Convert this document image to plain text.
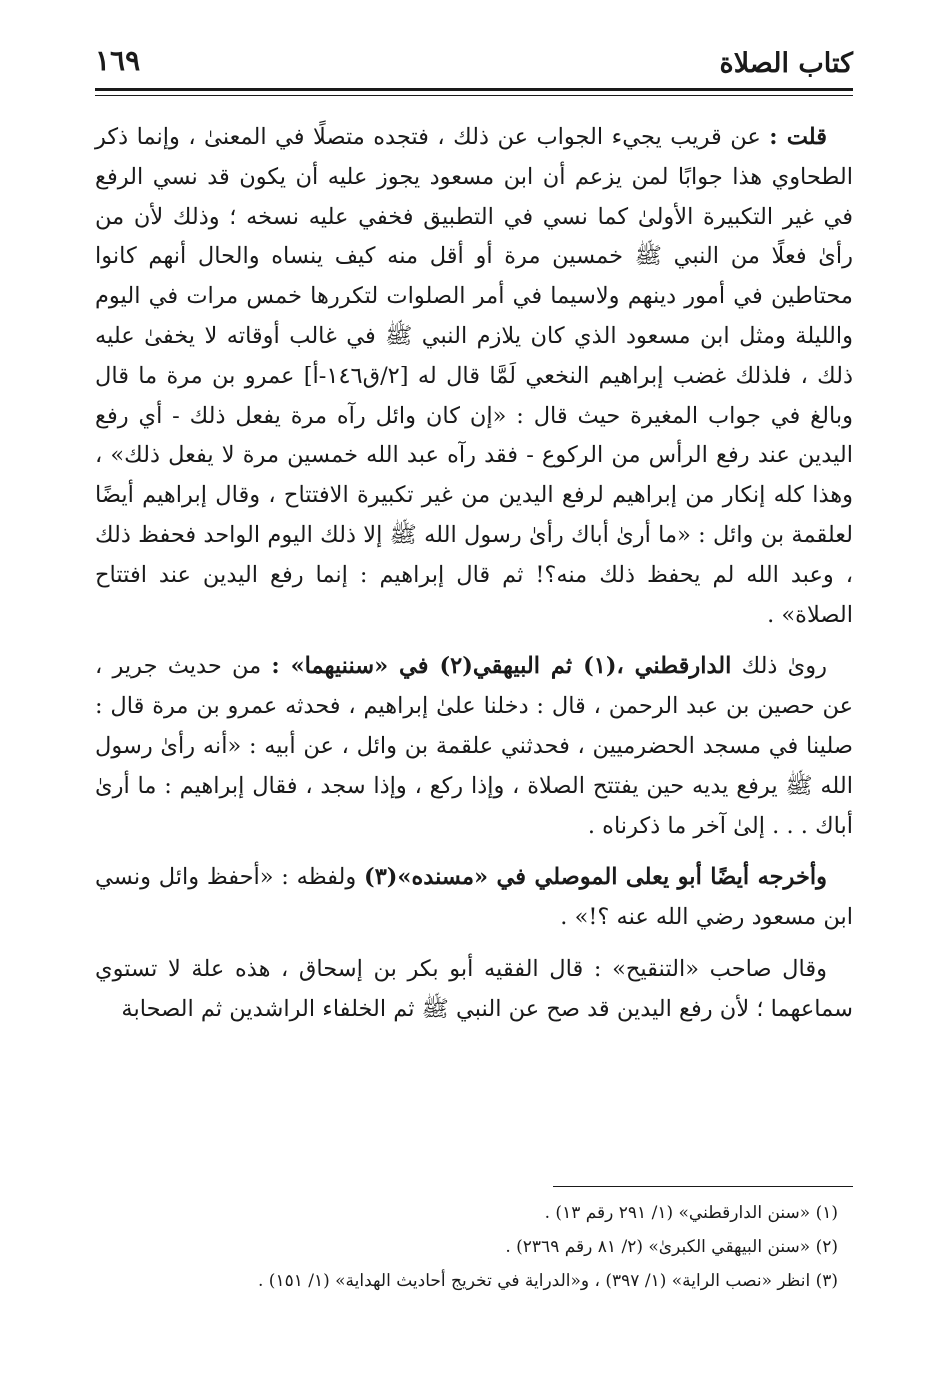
كتاب الصلاة
١٦٩

قلت : عن قريب يجيء الجواب عن ذلك ، فتجده متصلًا في المعنىٰ ، وإنما ذكر الطحاوي هذا جوابًا لمن يزعم أن ابن مسعود يجوز عليه أن يكون قد نسي الرفع في غير التكبيرة الأولىٰ كما نسي في التطبيق فخفي عليه نسخه ؛ وذلك لأن من رأىٰ فعلًا من النبي ﷺ خمسين مرة أو أقل منه كيف ينساه والحال أنهم كانوا محتاطين في أمور دينهم ولاسيما في أمر الصلوات لتكررها خمس مرات في اليوم والليلة ومثل ابن مسعود الذي كان يلازم النبي ﷺ في غالب أوقاته لا يخفىٰ عليه ذلك ، فلذلك غضب إبراهيم النخعي لَمَّا قال له [٢/ق١٤٦-أ] عمرو بن مرة ما قال وبالغ في جواب المغيرة حيث قال : «إن كان وائل رآه مرة يفعل ذلك - أي رفع اليدين عند رفع الرأس من الركوع - فقد رآه عبد الله خمسين مرة لا يفعل ذلك» ، وهذا كله إنكار من إبراهيم لرفع اليدين من غير تكبيرة الافتتاح ، وقال إبراهيم أيضًا لعلقمة بن وائل : «ما أرىٰ أباك رأىٰ رسول الله ﷺ إلا ذلك اليوم الواحد فحفظ ذلك ، وعبد الله لم يحفظ ذلك منه؟! ثم قال إبراهيم : إنما رفع اليدين عند افتتاح الصلاة» .

روىٰ ذلك الدارقطني ،(١) ثم البيهقي(٢) في «سننيهما» : من حديث جرير ، عن حصين بن عبد الرحمن ، قال : دخلنا علىٰ إبراهيم ، فحدثه عمرو بن مرة قال : صلينا في مسجد الحضرميين ، فحدثني علقمة بن وائل ، عن أبيه : «أنه رأىٰ رسول الله ﷺ يرفع يديه حين يفتتح الصلاة ، وإذا ركع ، وإذا سجد ، فقال إبراهيم : ما أرىٰ أباك . . . إلىٰ آخر ما ذكرناه .

وأخرجه أيضًا أبو يعلى الموصلي في «مسنده»(٣) ولفظه : «أحفظ وائل ونسي ابن مسعود رضي الله عنه ؟!» .

وقال صاحب «التنقيح» : قال الفقيه أبو بكر بن إسحاق ، هذه علة لا تستوي سماعهما ؛ لأن رفع اليدين قد صح عن النبي ﷺ ثم الخلفاء الراشدين ثم الصحابة

(١) «سنن الدارقطني» (١/ ٢٩١ رقم ١٣) .

(٢) «سنن البيهقي الكبرىٰ» (٢/ ٨١ رقم ٢٣٦٩) .

(٣) انظر «نصب الراية» (١/ ٣٩٧) ، و«الدراية في تخريج أحاديث الهداية» (١/ ١٥١) .
